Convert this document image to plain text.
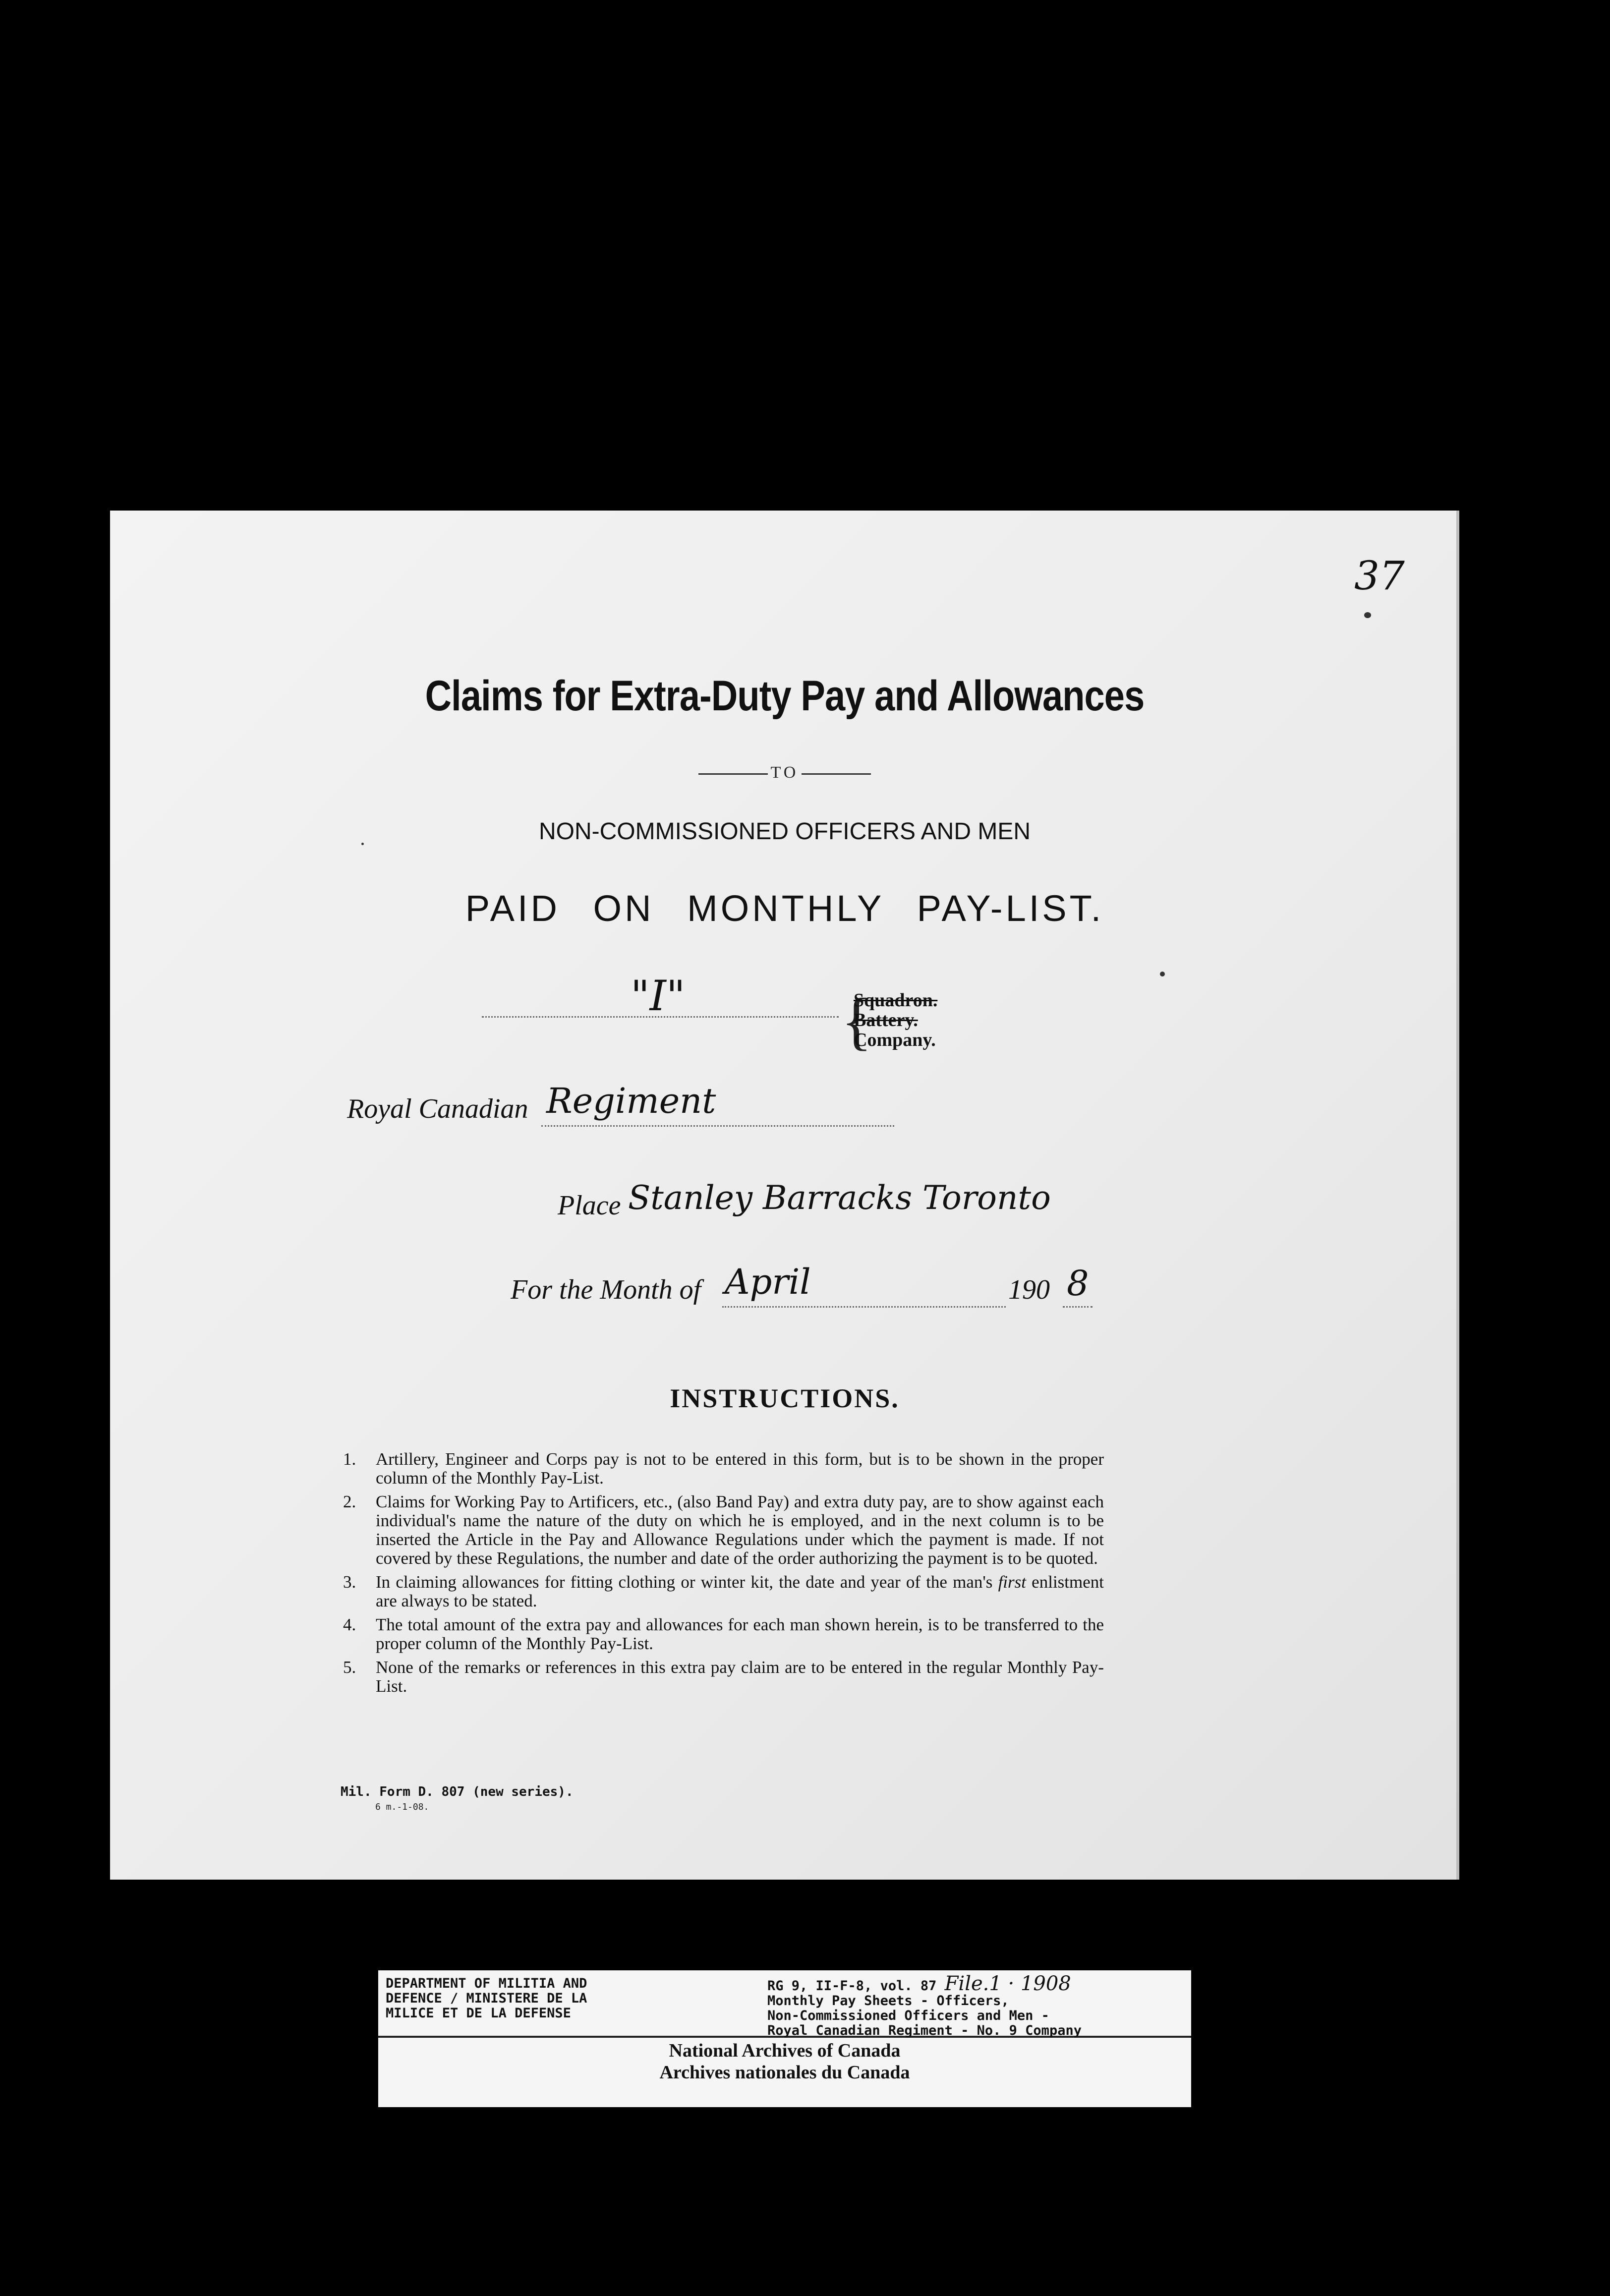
37
Claims for Extra-Duty Pay and Allowances
TO
NON-COMMISSIONED OFFICERS AND MEN
PAID ON MONTHLY PAY-LIST.
"I" {
Squadron.
Battery.
Company.
Royal Canadian Regiment
Place Stanley Barracks Toronto
For the Month of April	190 8
INSTRUCTIONS.
1. Artillery, Engineer and Corps pay is not to be entered in this form, but is to be shown in the proper column of the Monthly Pay-List.
2. Claims for Working Pay to Artificers, etc., (also Band Pay) and extra duty pay, are to show against each individual's name the nature of the duty on which he is employed, and in the next column is to be inserted the Article in the Pay and Allowance Regulations under which the payment is made. If not covered by these Regulations, the number and date of the order authorizing the payment is to be quoted.
3. In claiming allowances for fitting clothing or winter kit, the date and year of the man's first enlistment are always to be stated.
4. The total amount of the extra pay and allowances for each man shown herein, is to be transferred to the proper column of the Monthly Pay-List.
5. None of the remarks or references in this extra pay claim are to be entered in the regular Monthly Pay-List.
Mil. Form D. 807 (new series).
6 m.-1-08.
DEPARTMENT OF MILITIA AND
DEFENCE / MINISTERE DE LA
MILICE ET DE LA DEFENSE
RG 9, II-F-8, vol. 87 File.1 · 1908
Monthly Pay Sheets - Officers,
Non-Commissioned Officers and Men -
Royal Canadian Regiment - No. 9 Company
National Archives of Canada
Archives nationales du Canada
